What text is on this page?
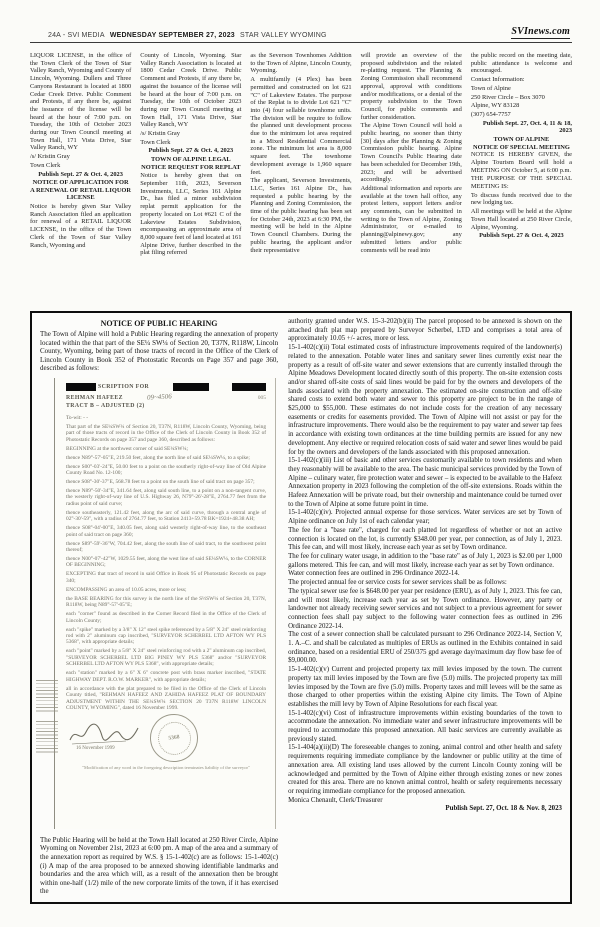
24A - SVI MEDIA WEDNESDAY SEPTEMBER 27, 2023 STAR VALLEY WYOMING	SVInews.com

LIQUOR LICENSE, in the office of the Town Clerk of the Town of Star Valley Ranch, Wyoming and County of Lincoln, Wyoming. Dullers and Three Canyons Restaurant is located at 1800 Cedar Creek Drive. Public Comment and Protests, if any there be, against the issuance of the license will be heard at the hour of 7:00 p.m. on Tuesday, the 10th of October 2023 during our Town Council meeting at Town Hall, 171 Vista Drive, Star Valley Ranch, WY

/s/ Kristin Gray

Town Clerk

Publish Sept. 27 & Oct. 4, 2023

NOTICE OF APPLICATION FOR A RENEWAL OF RETAIL LIQUOR LICENSE

Notice is hereby given Star Valley Ranch Association filed an application for renewal of a RETAIL LIQUOR LICENSE, in the office of the Town Clerk of the Town of Star Valley Ranch, Wyoming and

County of Lincoln, Wyoming. Star Valley Ranch Association is located at 1800 Cedar Creek Drive. Public Comment and Protests, if any there be, against the issuance of the license will be heard at the hour of 7:00 p.m. on Tuesday, the 10th of October 2023 during our Town Council meeting at Town Hall, 171 Vista Drive, Star Valley Ranch, WY

/s/ Kristin Gray

Town Clerk

Publish Sept. 27 & Oct. 4, 2023

TOWN OF ALPINE LEGAL NOTICE REQUEST FOR REPLAT

Notice is hereby given that on September 11th, 2023, Severson Investments, LLC, Series 161 Alpine Dr., has filed a minor subdivision replat permit application for the property located on Lot #621 C of the Lakeview Estates Subdivision, encompassing an approximate area of 8,000 square feet of land located at 161 Alpine Drive, further described in the plat filing referred

as the Severson Townhomes Addition to the Town of Alpine, Lincoln County, Wyoming.

A multifamily (4 Plex) has been permitted and constructed on lot 621 "C" of Lakeview Estates. The purpose of the Replat is to divide Lot 621 "C" into (4) four sellable townhome units. The division will be require to follow the planned unit development process due to the minimum lot area required in a Mixed Residential Commercial zone. The minimum lot area is 8,000 square feet. The townhome development average is 1,960 square feet.

The applicant, Severson Investments, LLC, Series 161 Alpine Dr., has requested a public hearing by the Planning and Zoning Commission, the time of the public hearing has been set for October 24th, 2023 at 6:30 PM, the meeting will be held in the Alpine Town Council Chambers. During the public hearing, the applicant and/or their representative

will provide an overview of the proposed subdivision and the related re-platting request. The Planning & Zoning Commission shall recommend approval, approval with conditions and/or modifications, or a denial of the property subdivision to the Town Council, for public comments and further consideration.

The Alpine Town Council will hold a public hearing, no sooner than thirty [30] days after the Planning & Zoning Commission public hearing. Alpine Town Council's Public Hearing date has been scheduled for December 19th, 2023; and will be advertised accordingly.

Additional information and reports are available at the town hall office, any protest letters, support letters and/or any comments, can be submitted in writing to the Town of Alpine, Zoning Administrator, or e-mailed to planning@alpinewy.gov; any submitted letters and/or public comments will be read into

the public record on the meeting date, public attendance is welcome and encouraged.

Contact Information:

Town of Alpine

250 River Circle – Box 3070

Alpine, WY 83128

(307) 654-7757

Publish Sept. 27, Oct. 4, 11 & 18, 2023

TOWN OF ALPINE

NOTICE OF SPECIAL MEETING

NOTICE IS HEREBY GIVEN, the Alpine Tourism Board will hold a MEETING ON October 5, at 6:00 p.m.

THE PURPOSE OF THE SPECIAL MEETING IS:

To discuss funds received due to the new lodging tax.

All meetings will be held at the Alpine Town Hall located at 250 River Circle, Alpine, Wyoming.

Publish Sept. 27 & Oct. 4, 2023

NOTICE OF PUBLIC HEARING
The Town of Alpine will hold a Public Hearing regarding the annexation of property located within the that part of the SE¼ SW¼ of Section 20, T37N, R118W, Lincoln County, Wyoming, being part of those tracts of record in the Office of the Clerk of Lincoln County in Book 352 of Photostatic Records on Page 357 and page 360, described as follows:
SCRIPTION FOR
REHMAN HAFEEZ	09~4506	005
TRACT B – ADJUSTED (2)

To-wit: - -

That part of the SE¼SW¼ of Section 20, T37N, R118W, Lincoln County, Wyoming, being part of those tracts of record in the Office of the Clerk of Lincoln County in Book 352 of Photostatic Records on page 357 and page 360, described as follows:

BEGINNING at the northwest corner of said SE¼SW¼;

thence N89°-57'-05"E, 219.50 feet, along the north line of said SE¼SW¼, to a spike;

thence S00°-03'-24"E, 50.00 feet to a point on the southerly right-of-way line of Old Alpine County Road No. 12-100;

thence S08°-30'-37"E, 568.78 feet to a point on the south line of said tract on page 357;

thence N89°-50'-34"E, 341.64 feet, along said south line, to a point on a non-tangent curve, the westerly right-of-way line of U.S. Highway 26, N79°-26'-28"E, 2764.77 feet from the radius point of said curve;

thence southeasterly, 121.42 feet, along the arc of said curve, through a central angle of 02°-30'-59", with a radius of 2764.77 feet, to Station 2413+59.78 BK=1924+48.38 AH;

thence S08°-04'-00"E, 340.05 feet, along said westerly right-of-way line, to the southeast point of said tract on page 360;

thence S89°-59'-36"W, 704.42 feet, along the south line of said tract, to the southwest point thereof;

thence N00°-07'-42"W, 1029.55 feet, along the west line of said SE¼SW¼, to the CORNER OF BEGINNING;

EXCEPTING that tract of record in said Office in Book 95 of Photostatic Records on page 340;

ENCOMPASSING an area of 10.05 acres, more or less;

the BASE BEARING for this survey is the north line of the S½SW¼ of Section 20, T37N, R118W, being N89°-57'-05"E;

each "corner" found as described in the Corner Record filed in the Office of the Clerk of Lincoln County;

each "spike" marked by a 3/8" X 12" steel spike referenced by a 5/8" X 24" steel reinforcing rod with 2" aluminum cap inscribed, "SURVEYOR SCHERBEL LTD AFTON WY PLS 5368", with appropriate details;

each "point" marked by a 5/8" X 24" steel reinforcing rod with a 2" aluminum cap inscribed, "SURVEYOR SCHERBEL LTD BIG PINEY WY PLS 5368" and/or "SURVEYOR SCHERBEL LTD AFTON WY PLS 5368", with appropriate details;

each "station" marked by a 6" X 6" concrete post with brass marker inscribed, "STATE HIGHWAY DEPT. R.O.W. MARKER", with appropriate details;

all in accordance with the plat prepared to be filed in the Office of the Clerk of Lincoln County titled, "REHMAN HAFEEZ AND ZAHIDA HAFEEZ PLAT OF BOUNDARY ADJUSTMENT WITHIN THE SE¼SW¼ SECTION 20 T37N R118W LINCOLN COUNTY, WYOMING", dated 16 November 1999.

16 November 1999
5368
"Modification of any word in the foregoing description terminates liability of the surveyor"
The Public Hearing will be held at the Town Hall located at 250 River Circle, Alpine Wyoming on November 21st, 2023 at 6:00 pm. A map of the area and a summary of the annexation report as required by W.S. § 15-1-402(c) are as follows: 15-1-402(c)(i) A map of the area proposed to be annexed showing identifiable landmarks and boundaries and the area which will, as a result of the annexation then be brought within one-half (1/2) mile of the new corporate limits of the town, if it has exercised the

authority granted under W.S. 15-3-202(b)(ii) The parcel proposed to be annexed is shown on the attached draft plat map prepared by Surveyor Scherbel, LTD and comprises a total area of approximately 10.05 +/- acres, more or less.

15-1-402(c)(ii) Total estimated costs of infrastructure improvements required of the landowner(s) related to the annexation. Potable water lines and sanitary sewer lines currently exist near the property as a result of off-site water and sewer extensions that are currently installed through the Alpine Meadows Development located directly south of this property. The on-site extension costs and/or shared off-site costs of said lines would be paid for by the owners and developers of the lands associated with the property annexation. The estimated on-site construction and off-site shared costs to extend both water and sewer to this property are project to be in the range of $25,000 to $55,000. These estimates do not include costs for the creation of any necessary easements or credits for easements provided. The Town of Alpine will not assist or pay for the infrastructure improvements. There would also be the requirement to pay water and sewer tap fees in accordance with existing town ordinances at the time building permits are issued for any new development. Any elective or required relocation costs of said water and sewer lines would be paid for by the owners and developers of the lands associated with this proposed annexation.

15-1-402(c)(iii) List of basic and other services customarily available to town residents and when they reasonably will be available to the area. The basic municipal services provided by the Town of Alpine – culinary water, fire protection water and sewer – is expected to be available to the Hafeez Annexation property in 2023 following the completion of the off-site extensions. Roads within the Hafeez Annexation will be private road, but their ownership and maintenance could be turned over to the Town of Alpine at some future point in time.

15-1-402(c)(iv). Projected annual expense for those services. Water services are set by Town of Alpine ordinance on July 1st of each calendar year;

The fee for a "base rate", charged for each platted lot regardless of whether or not an active connection is located on the lot, is currently $348.00 per year, per connection, as of July 1, 2023. This fee can, and will most likely, increase each year as set by Town ordinance.

The fee for culinary water usage, in addition to the "base rate" as of July 1, 2023 is $2.00 per 1,000 gallons metered. This fee can, and will most likely, increase each year as set by Town ordinance.

Water connection fees are outlined in 296 Ordinance 2022-14.

The projected annual fee or service costs for sewer services shall be as follows:

The typical sewer use fee is $648.00 per year per residence (ERU), as of July 1, 2023. This fee can, and will most likely, increase each year as set by Town ordinance. However, any party or landowner not already receiving sewer services and not subject to a previous agreement for sewer connection fees shall pay subject to the following water connection fees as outlined in 296 Ordinance 2022-14.

The cost of a sewer connection shall be calculated pursuant to 296 Ordinance 2022-14, Section V, 1. A.–C. and shall be calculated as multiples of ERUs as outlined in the Exhibits contained in said ordinance, based on a residential ERU of 250/375 gpd average day/maximum day flow base fee of $9,000.00.

15-1-402(c)(v) Current and projected property tax mill levies imposed by the town. The current property tax mill levies imposed by the Town are five (5.0) mills. The projected property tax mill levies imposed by the Town are five (5.0) mills. Property taxes and mill levees will be the same as those charged to other properties within the existing Alpine city limits. The Town of Alpine establishes the mill levy by Town of Alpine Resolutions for each fiscal year.

15-1-402(c)(vi) Cost of infrastructure improvements within existing boundaries of the town to accommodate the annexation. No immediate water and sewer infrastructure improvements will be required to accommodate this proposed annexation. All basic services are currently available as previously stated.

15-1-404(a)(ii)(D) The foreseeable changes to zoning, animal control and other health and safety requirements requiring immediate compliance by the landowner or public utility at the time of annexation area. All existing land uses allowed by the current Lincoln County zoning will be acknowledged and permitted by the Town of Alpine either through existing zones or new zones created for this area. There are no known animal control, health or safety requirements necessary or requiring immediate compliance for the proposed annexation.

Monica Chenault, Clerk/Treasurer

Publish Sept. 27, Oct. 18 & Nov. 8, 2023
